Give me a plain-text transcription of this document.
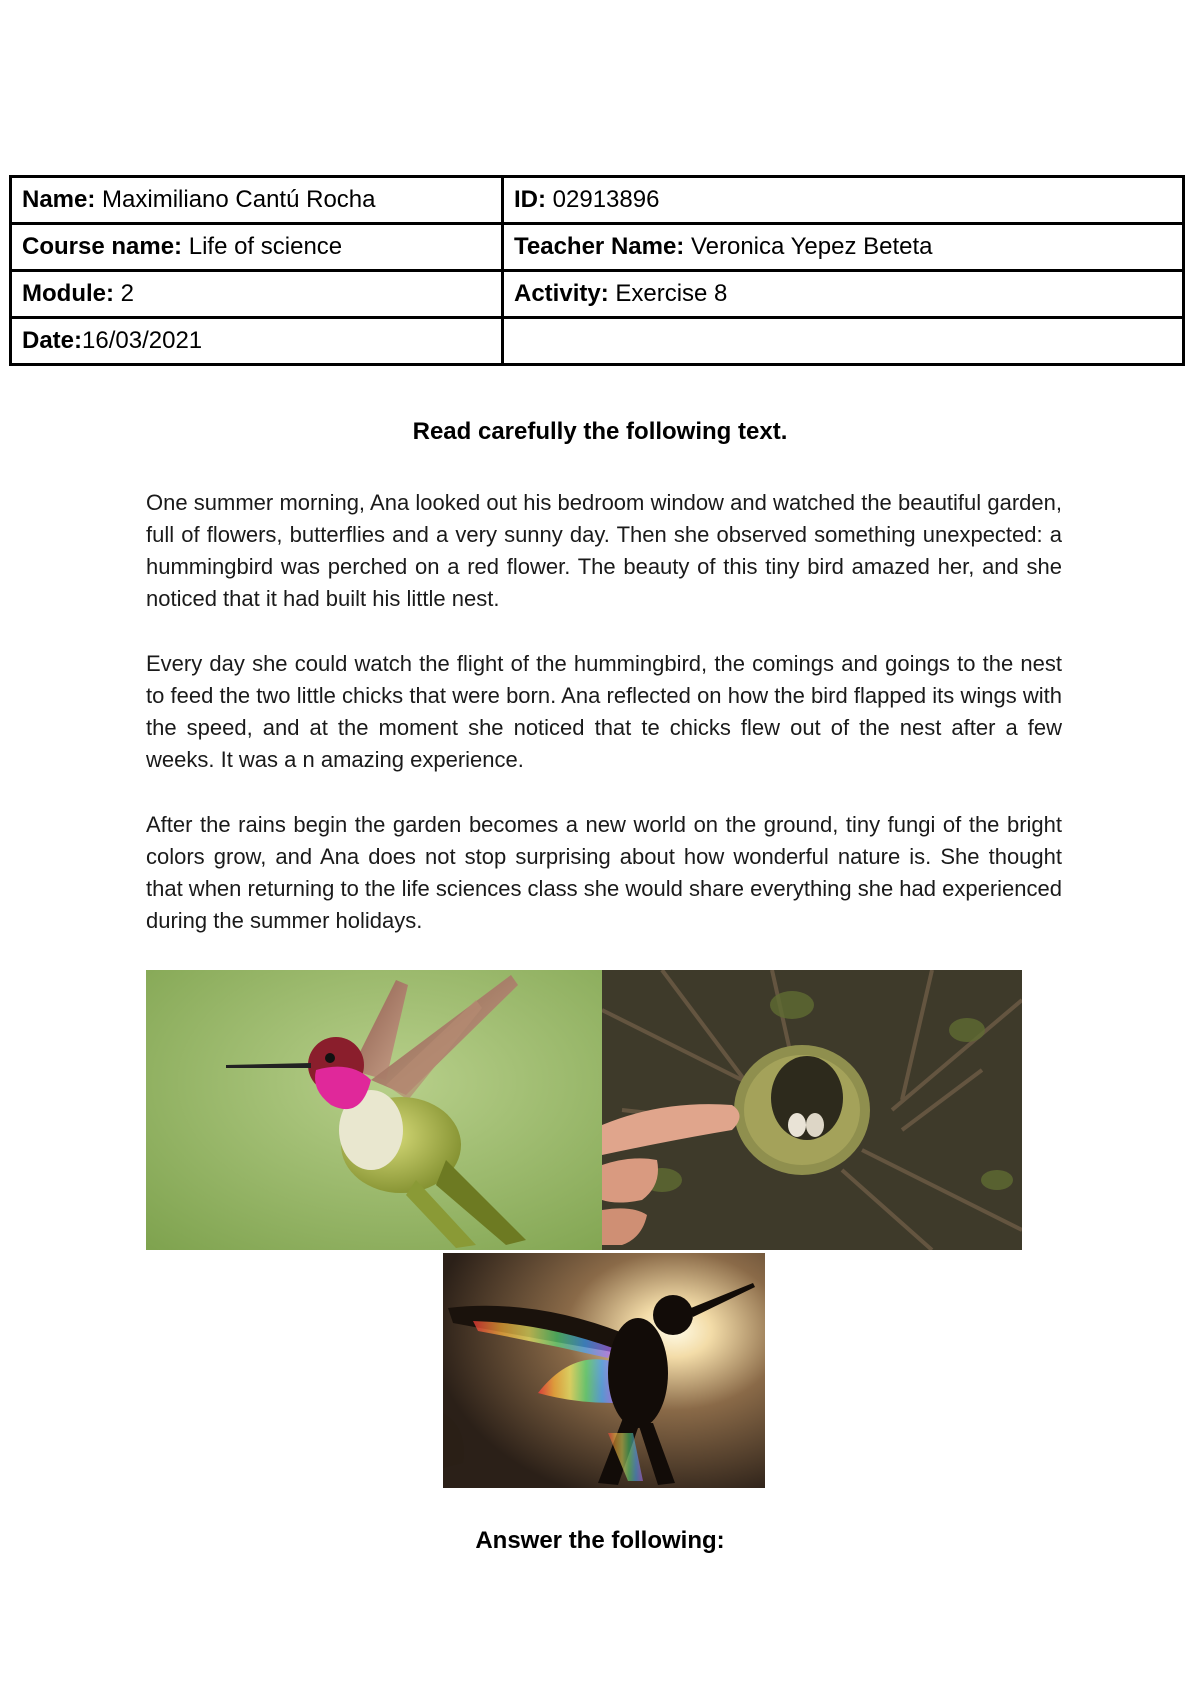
Name: Maximiliano Cantú Rocha	ID: 02913896
Course name: Life of science	Teacher Name: Veronica Yepez Beteta
Module: 2	Activity: Exercise 8
Date:16/03/2021	
Read carefully the following text.

One summer morning, Ana looked out his bedroom window and watched the beautiful garden, full of flowers, butterflies and a very sunny day. Then she observed something unexpected: a hummingbird was perched on a red flower. The beauty of this tiny bird amazed her, and she noticed that it had built his little nest.

Every day she could watch the flight of the hummingbird, the comings and goings to the nest to feed the two little chicks that were born. Ana reflected on how the bird flapped its wings with the speed, and at the moment she noticed that te chicks flew out of the nest after a few weeks. It was a n amazing experience.

After the rains begin the garden becomes a new world on the ground, tiny fungi of the bright colors grow, and Ana does not stop surprising about how wonderful nature is. She thought that when returning to the life sciences class she would share everything she had experienced during the summer holidays.

Answer the following:
